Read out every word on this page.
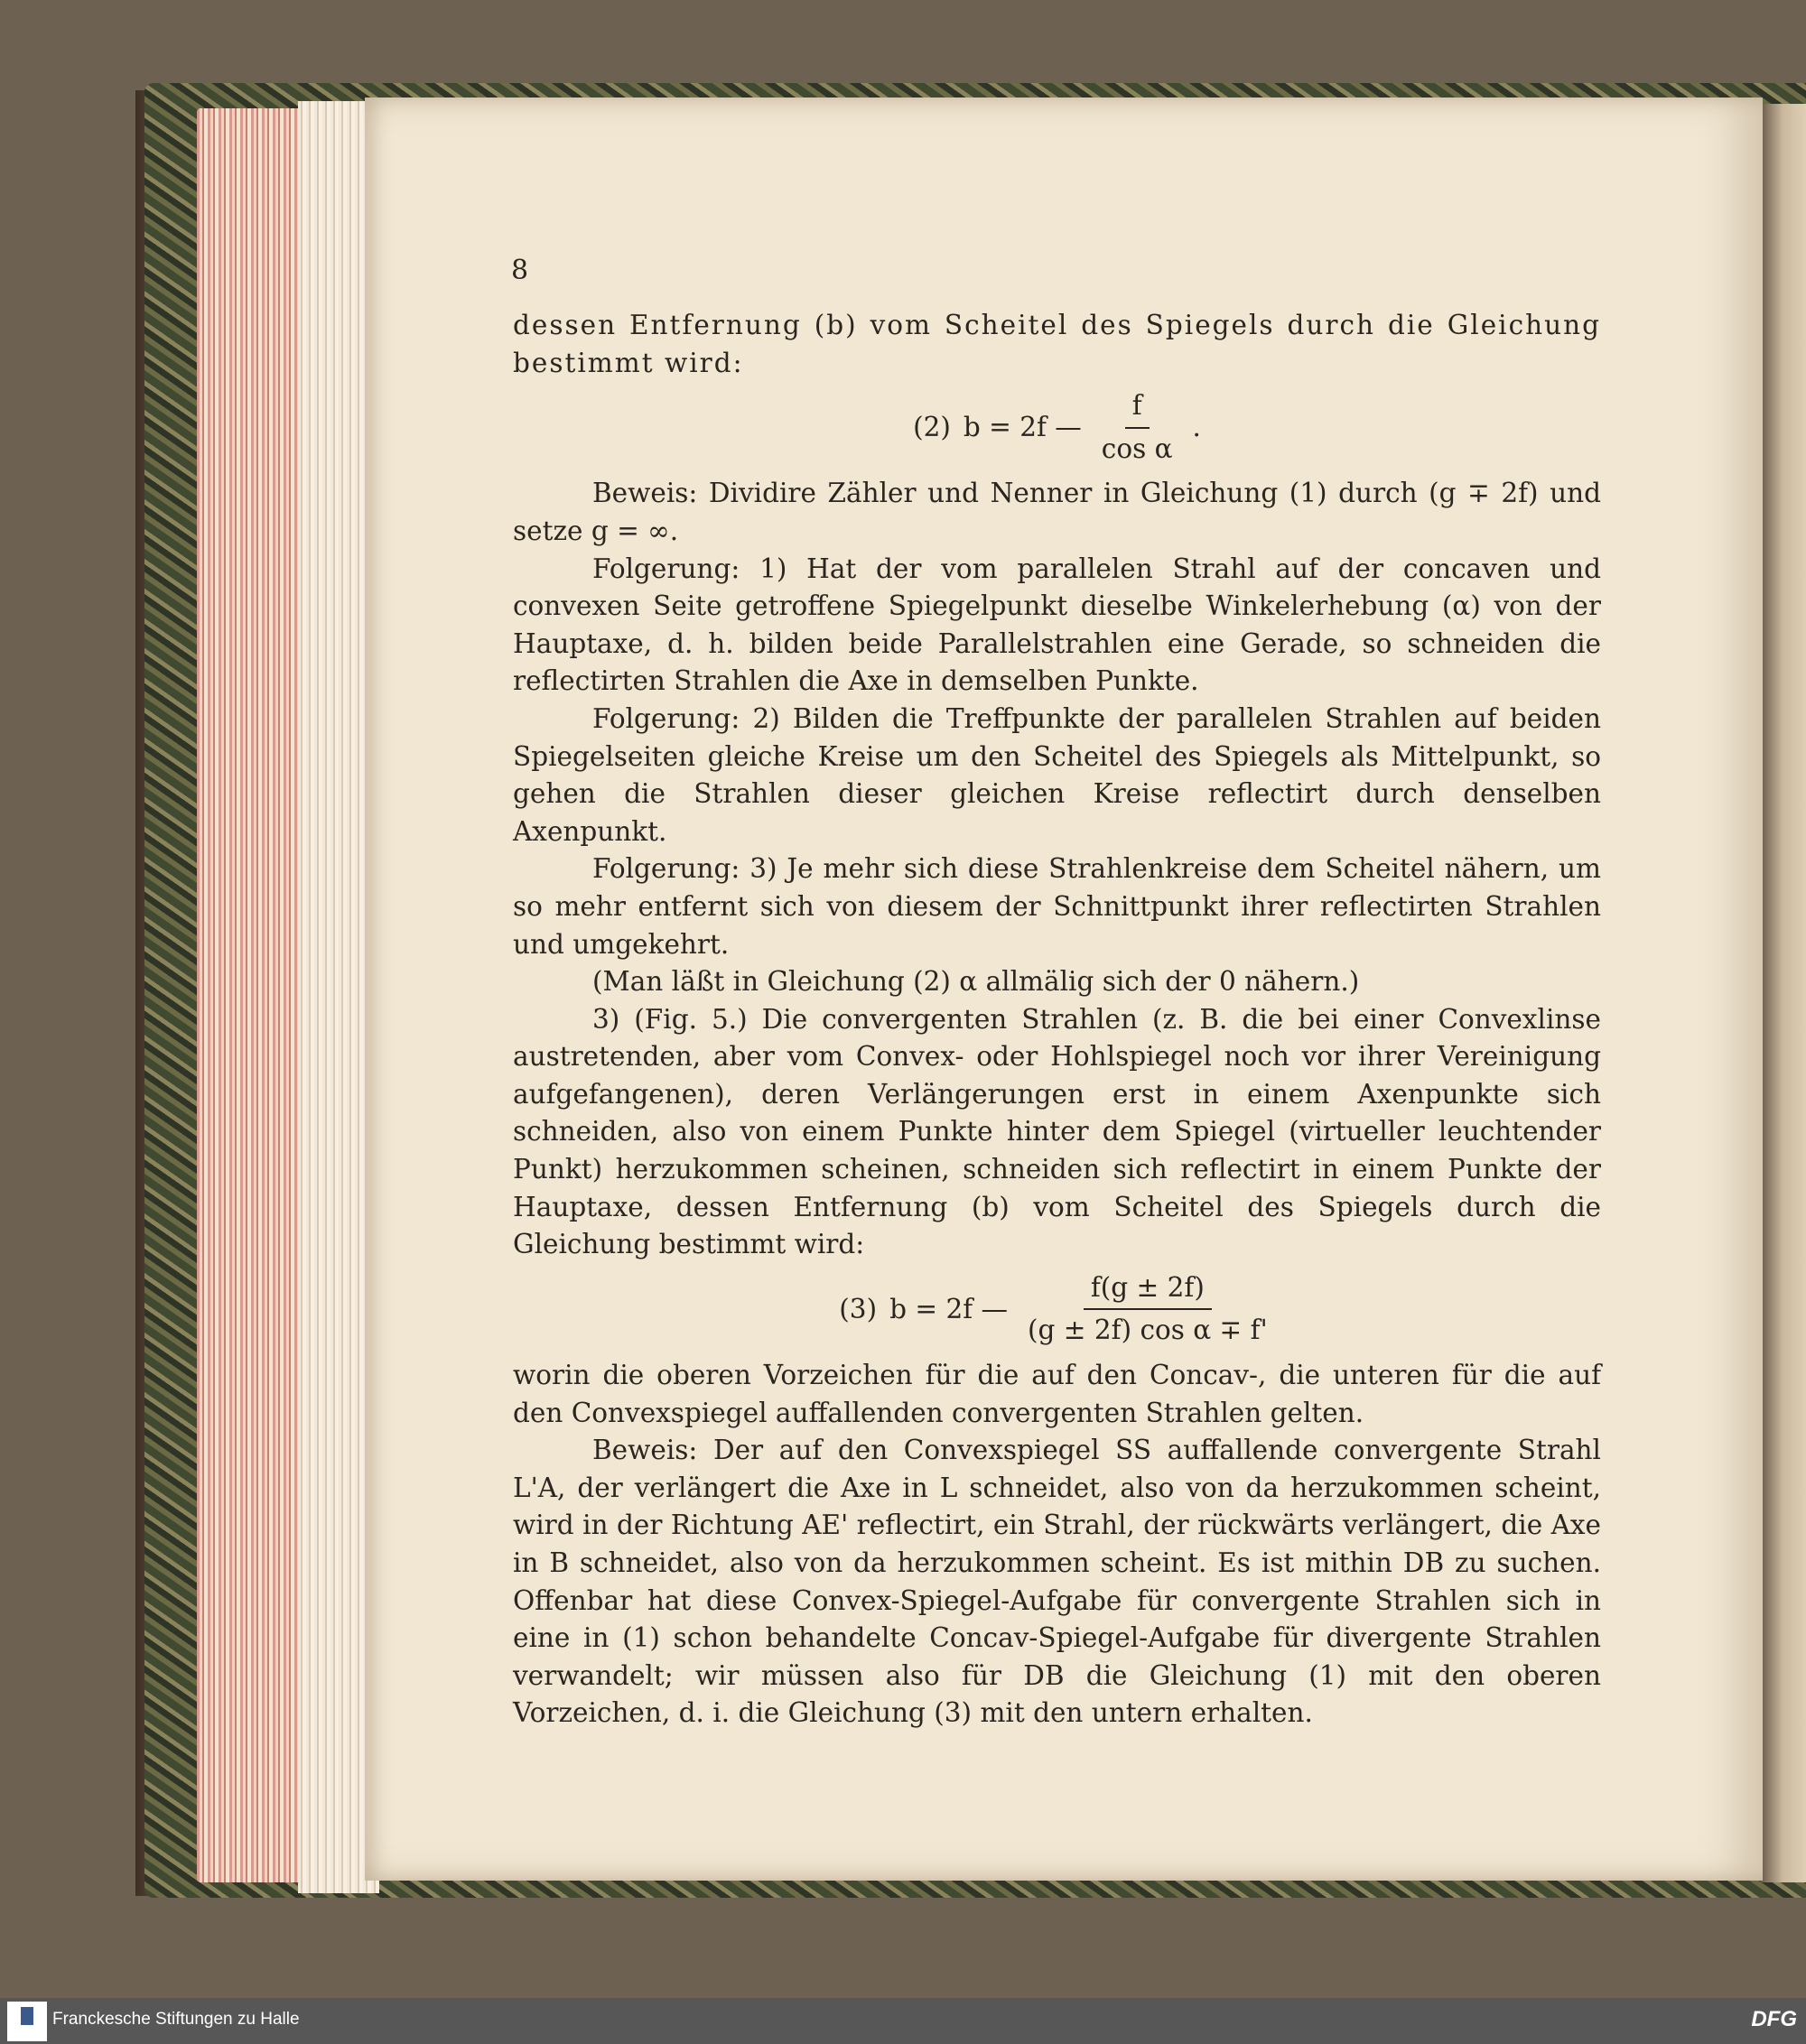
8

dessen Entfernung (b) vom Scheitel des Spiegels durch die Gleichung bestimmt wird:

(2) b = 2f — $\frac{f}{\text{cos α}}$ .

Beweis: Dividire Zähler und Nenner in Gleichung (1) durch (g ∓ 2f) und setze g = ∞.

Folgerung: 1) Hat der vom parallelen Strahl auf der concaven und convexen Seite getroffene Spiegelpunkt dieselbe Winkelerhebung (α) von der Hauptaxe, d. h. bilden beide Parallelstrahlen eine Gerade, so schneiden die reflectirten Strahlen die Axe in demselben Punkte.

Folgerung: 2) Bilden die Treffpunkte der parallelen Strahlen auf beiden Spiegelseiten gleiche Kreise um den Scheitel des Spiegels als Mittelpunkt, so gehen die Strahlen dieser gleichen Kreise reflectirt durch denselben Axenpunkt.

Folgerung: 3) Je mehr sich diese Strahlenkreise dem Scheitel nähern, um so mehr entfernt sich von diesem der Schnittpunkt ihrer reflectirten Strahlen und umgekehrt.

(Man läßt in Gleichung (2) α allmälig sich der 0 nähern.)

3) (Fig. 5.) Die convergenten Strahlen (z. B. die bei einer Convexlinse austretenden, aber vom Convex- oder Hohlspiegel noch vor ihrer Vereinigung aufgefangenen), deren Verlängerungen erst in einem Axenpunkte sich schneiden, also von einem Punkte hinter dem Spiegel (virtueller leuchtender Punkt) herzukommen scheinen, schneiden sich reflectirt in einem Punkte der Hauptaxe, dessen Entfernung (b) vom Scheitel des Spiegels durch die Gleichung bestimmt wird:

(3) b = 2f — $\frac{f(g \pm 2f)}{\text{(g ± 2f) cos α ∓ f'}}$

worin die oberen Vorzeichen für die auf den Concav-, die unteren für die auf den Convexspiegel auffallenden convergenten Strahlen gelten.

Beweis: Der auf den Convexspiegel SS auffallende convergente Strahl L'A, der verlängert die Axe in L schneidet, also von da herzukommen scheint, wird in der Richtung AE' reflectirt, ein Strahl, der rückwärts verlängert, die Axe in B schneidet, also von da herzukommen scheint. Es ist mithin DB zu suchen. Offenbar hat diese Convex-Spiegel-Aufgabe für convergente Strahlen sich in eine in (1) schon behandelte Concav-Spiegel-Aufgabe für divergente Strahlen verwandelt; wir müssen also für DB die Gleichung (1) mit den oberen Vorzeichen, d. i. die Gleichung (3) mit den untern erhalten.

Franckesche Stiftungen zu Halle	DFG
